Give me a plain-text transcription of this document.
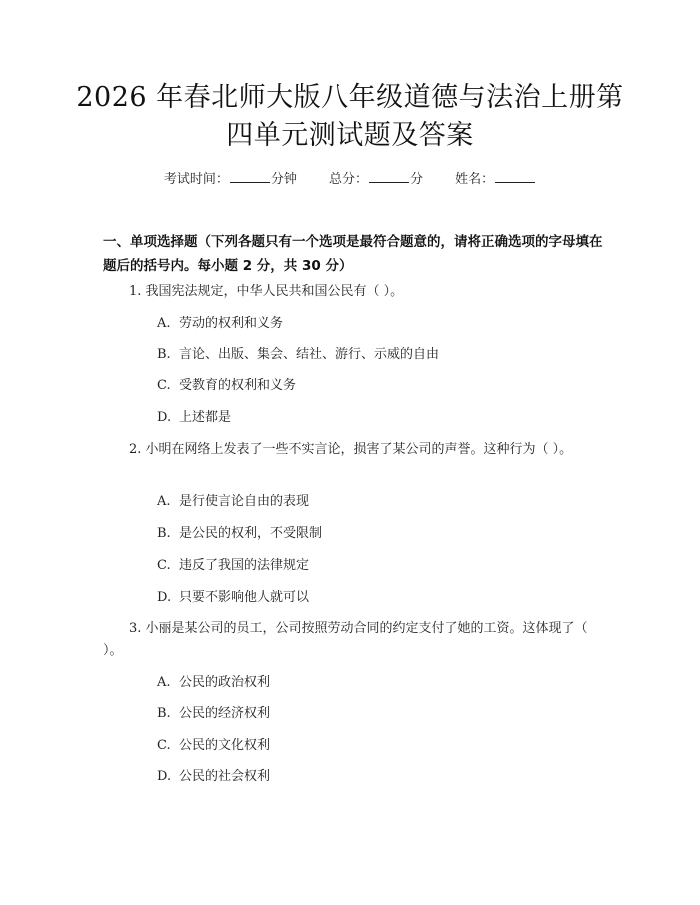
2026 年春北师大版八年级道德与法治上册第
四单元测试题及答案
考试时间：	分钟 总分：	分 姓名：
一、单项选择题（下列各题只有一个选项是最符合题意的，请将正确选项的字母填在题后的括号内。每小题 2 分，共 30 分）
1. 我国宪法规定，中华人民共和国公民有（ ）。
A. 劳动的权利和义务
B. 言论、出版、集会、结社、游行、示威的自由
C. 受教育的权利和义务
D. 上述都是
2. 小明在网络上发表了一些不实言论，损害了某公司的声誉。这种行为（ ）。
A. 是行使言论自由的表现
B. 是公民的权利，不受限制
C. 违反了我国的法律规定
D. 只要不影响他人就可以
3. 小丽是某公司的员工，公司按照劳动合同的约定支付了她的工资。这体现了（ ）。
A. 公民的政治权利
B. 公民的经济权利
C. 公民的文化权利
D. 公民的社会权利
